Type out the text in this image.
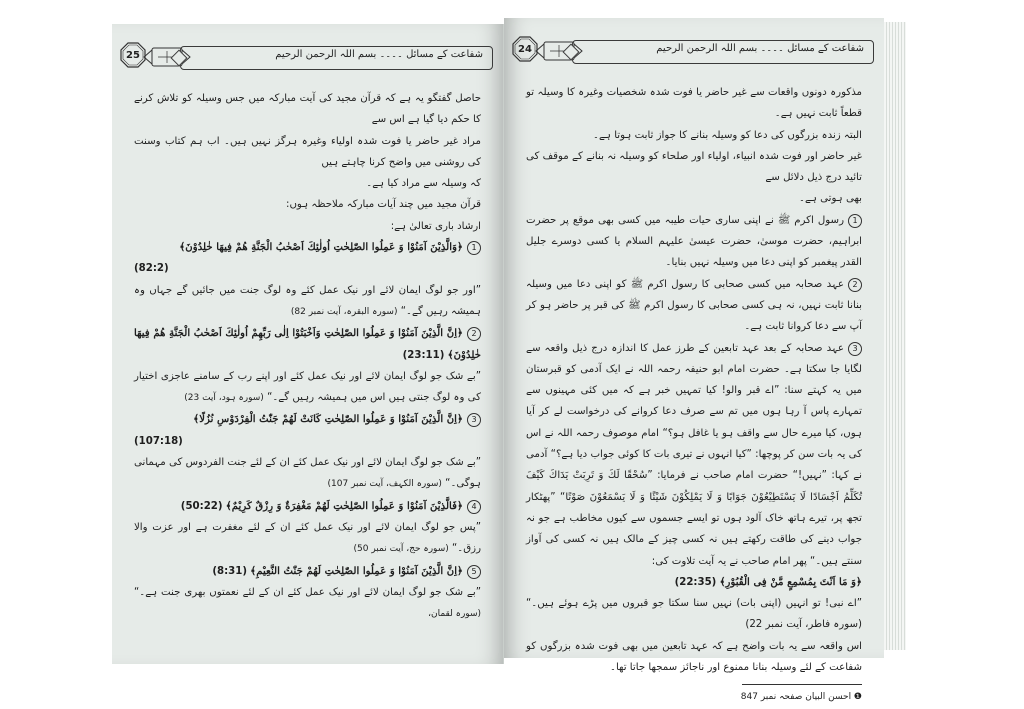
25	شفاعت کے مسائل ۔۔۔۔ بسم اللہ الرحمن الرحیم

حاصل گفتگو یہ ہے کہ قرآن مجید کی آیت مبارکہ میں جس وسیلہ کو تلاش کرنے کا حکم دیا گیا ہے اس سے

مراد غیر حاضر یا فوت شدہ اولیاء وغیرہ ہرگز نہیں ہیں۔ اب ہم کتاب وسنت کی روشنی میں واضح کرنا چاہتے ہیں

کہ وسیلہ سے مراد کیا ہے۔

قرآن مجید میں چند آیات مبارکہ ملاحظہ ہوں:

ارشاد باری تعالیٰ ہے:

1﴿وَالَّذِيْنَ آمَنُوْا وَ عَمِلُوا الصّٰلِحٰتِ اُولٰئِكَ اَصْحٰبُ الْجَنَّةِ هُمْ فِيهَا خٰلِدُوْنَ﴾

(82:2)

”اور جو لوگ ایمان لائے اور نیک عمل کئے وہ لوگ جنت میں جائیں گے جہاں وہ ہمیشہ رہیں گے۔“ (سورہ البقرہ، آیت نمبر 82)

2﴿اِنَّ الَّذِيْنَ آمَنُوْا وَ عَمِلُوا الصّٰلِحٰتِ وَاَخْبَتُوْا اِلٰى رَبِّهِمْ اُولٰئِكَ اَصْحٰبُ الْجَنَّةِ هُمْ فِيهَا خٰلِدُوْنَ﴾ (23:11)

”بے شک جو لوگ ایمان لائے اور نیک عمل کئے اور اپنے رب کے سامنے عاجزی اختیار کی وہ لوگ جنتی ہیں اس میں ہمیشہ رہیں گے۔“ (سورہ ہود، آیت 23)

3﴿اِنَّ الَّذِيْنَ آمَنُوْا وَ عَمِلُوا الصّٰلِحٰتِ كَانَتْ لَهُمْ جَنّٰتُ الْفِرْدَوْسِ نُزُلًا﴾

(107:18)

”بے شک جو لوگ ایمان لائے اور نیک عمل کئے ان کے لئے جنت الفردوس کی مہمانی ہوگی۔“ (سورہ الکہف، آیت نمبر 107)

4﴿فَالَّذِيْنَ آمَنُوْا وَ عَمِلُوا الصّٰلِحٰتِ لَهُمْ مَغْفِرَةٌ وَ رِزْقٌ كَرِيْمٌ﴾ (50:22)

”پس جو لوگ ایمان لائے اور نیک عمل کئے ان کے لئے مغفرت ہے اور عزت والا رزق۔“ (سورہ حج، آیت نمبر 50)

5﴿اِنَّ الَّذِيْنَ آمَنُوْا وَ عَمِلُوا الصّٰلِحٰتِ لَهُمْ جَنّٰتُ النَّعِيْمِ﴾ (8:31)

”بے شک جو لوگ ایمان لائے اور نیک عمل کئے ان کے لئے نعمتوں بھری جنت ہے۔“ (سورہ لقمان،

24	شفاعت کے مسائل ۔۔۔۔ بسم اللہ الرحمن الرحیم

مذکورہ دونوں واقعات سے غیر حاضر یا فوت شدہ شخصیات وغیرہ کا وسیلہ تو قطعاً ثابت نہیں ہے۔

البتہ زندہ بزرگوں کی دعا کو وسیلہ بنانے کا جواز ثابت ہوتا ہے۔

غیر حاضر اور فوت شدہ انبیاء، اولیاء اور صلحاء کو وسیلہ نہ بنانے کے موقف کی تائید درج ذیل دلائل سے

بھی ہوتی ہے۔

1رسول اکرم ﷺ نے اپنی ساری حیات طیبہ میں کسی بھی موقع پر حضرت ابراہیم، حضرت موسیٰ، حضرت عیسیٰ علیہم السلام یا کسی دوسرے جلیل القدر پیغمبر کو اپنی دعا میں وسیلہ نہیں بنایا۔

2عہد صحابہ میں کسی صحابی کا رسول اکرم ﷺ کو اپنی دعا میں وسیلہ بنانا ثابت نہیں، نہ ہی کسی صحابی کا رسول اکرم ﷺ کی قبر پر حاضر ہو کر آپ سے دعا کروانا ثابت ہے۔

3عہد صحابہ کے بعد عہد تابعین کے طرز عمل کا اندازہ درج ذیل واقعہ سے لگایا جا سکتا ہے۔ حضرت امام ابو حنیفہ رحمہ اللہ نے ایک آدمی کو قبرستان میں یہ کہتے سنا: ”اے قبر والو! کیا تمہیں خبر ہے کہ میں کئی مہینوں سے تمہارے پاس آ رہا ہوں میں تم سے صرف دعا کروانے کی درخواست لے کر آیا ہوں، کیا میرے حال سے واقف ہو یا غافل ہو؟“ امام موصوف رحمہ اللہ نے اس کی یہ بات سن کر پوچھا: ”کیا انہوں نے تیری بات کا کوئی جواب دیا ہے؟“ آدمی نے کہا: ”نہیں!“ حضرت امام صاحب نے فرمایا: ”سُحْقًا لَكَ وَ تَرِبَتْ يَدَاكَ كَيْفَ تُكَلِّمُ اَجْسَادًا لَا يَسْتَطِيْعُوْنَ جَوَابًا وَ لَا يَمْلِكُوْنَ شَيْئًا وَ لَا يَسْمَعُوْنَ صَوْتًا“ ”پھٹکار تجھ پر، تیرے ہاتھ خاک آلود ہوں تو ایسے جسموں سے کیوں مخاطب ہے جو نہ جواب دینے کی طاقت رکھتے ہیں نہ کسی چیز کے مالک ہیں نہ کسی کی آواز سنتے ہیں۔“ پھر امام صاحب نے یہ آیت تلاوت کی:

﴿وَ مَا اَنْتَ بِمُسْمِعٍ مَّنْ فِى الْقُبُوْرِ﴾ (22:35)

”اے نبی! تو انہیں (اپنی بات) نہیں سنا سکتا جو قبروں میں پڑے ہوئے ہیں۔“ (سورہ فاطر، آیت نمبر 22)

اس واقعہ سے یہ بات واضح ہے کہ عہد تابعین میں بھی فوت شدہ بزرگوں کو شفاعت کے لئے وسیلہ بنانا ممنوع اور ناجائز سمجھا جاتا تھا۔

❶ احسن البیان صفحہ نمبر 847
